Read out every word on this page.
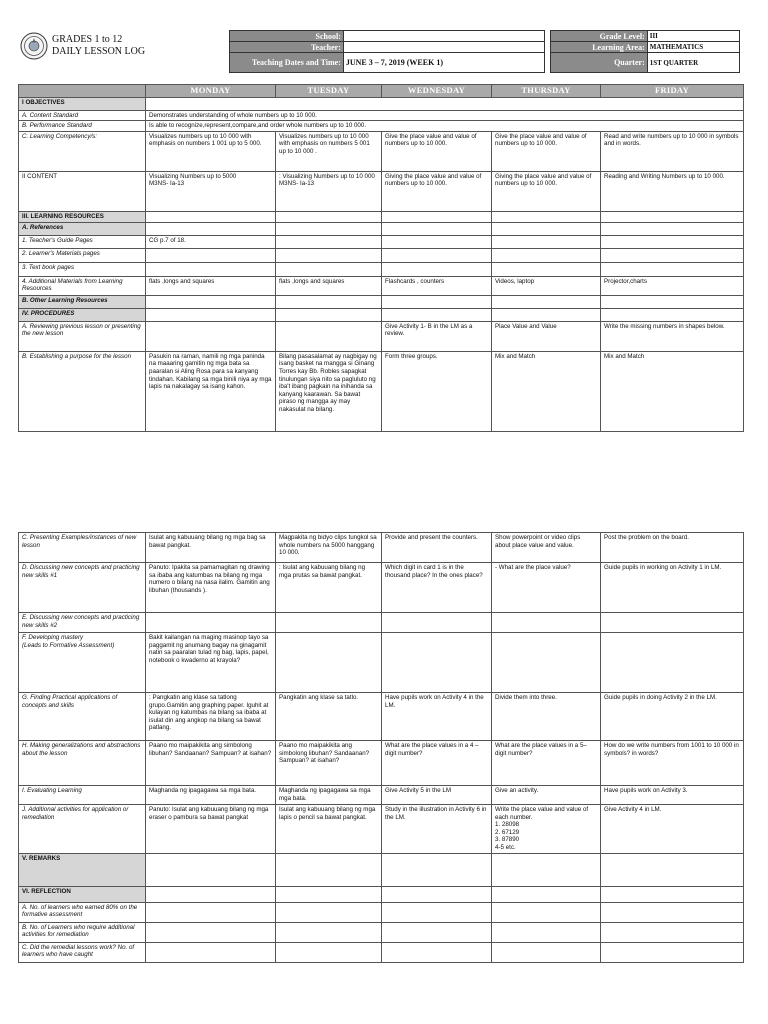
GRADES 1 to 12
DAILY LESSON LOG
School:			Grade Level:	III
Teacher:			Learning Area:	MATHEMATICS
Teaching Dates and Time:	JUNE 3 – 7, 2019 (WEEK 1)		Quarter:	1ST QUARTER
	MONDAY	TUESDAY	WEDNESDAY	THURSDAY	FRIDAY
I OBJECTIVES					
A. Content Standard	Demonstrates understanding of whole numbers up to 10 000.				
B. Performance Standard	Is able to recognize,represent,compare,and order whole numbers up to 10 000.				
C. Learning Competency/s:	Visualizes numbers up to 10 000 with emphasis on numbers 1 001 up to 5 000.	Visualizes numbers up to 10 000 with emphasis on numbers 5 001 up to 10 000 .	Give the place value and value of numbers up to 10 000.	Give the place value and value of numbers up to 10 000.	Read and write numbers up to 10 000 in symbols and in words.
II CONTENT	Visualizing Numbers up to 5000
M3NS- Ia-13	: Visualizing Numbers up to 10 000
M3NS- Ia-13	Giving the place value and value of numbers up to 10 000.	Giving the place value and value of numbers up to 10 000.	Reading and Writing Numbers up to 10 000.
III. LEARNING RESOURCES					
A. References					
1. Teacher's Guide Pages	CG p.7 of 18.				
2. Learner's Materials pages					
3. Text book pages					
4. Additional Materials from Learning Resources	flats ,longs and squares	flats ,longs and squares	Flashcards , counters	Videos, laptop	Projector,charts
B. Other Learning Resources					
IV. PROCEDURES					
A. Reviewing previous lesson or presenting the new lesson			Give Activity 1- B in the LM as a review.	Place Value and Value	Write the missing numbers in shapes below.
B. Establishing a purpose for the lesson	Pasukin na raman, namili ng mga paninda na maaaring gamitin ng mga bata sa paaralan si Aling Rosa para sa kanyang tindahan. Kabilang sa mga binili niya ay mga lapis na nakalagay sa isang kahon.	Bilang pasasalamat ay nagbigay ng isang basket na mangga si Ginang Torres kay Bb. Robles sapagkat tinulungan siya nito sa pagluluto ng iba't ibang pagkain na inihanda sa kanyang kaarawan. Sa bawat piraso ng mangga ay may nakasulat na bilang.	Form three groups.	Mix and Match	Mix and Match
C. Presenting Examples/instances of new lesson	Isulat ang kabuuang bilang ng mga bag sa bawat pangkat.	Magpakita ng bidyo clips tungkol sa whole numbers na 5000 hanggang 10 000.	Provide and present the counters.	Show powerpoint or video clips about place value and value.	Post the problem on the board.
D. Discussing new concepts and practicing new skills #1	Panuto: Ipakita sa pamamagitan ng drawing sa ibaba ang katumbas na bilang ng mga numero o bilang na nasa ilalim. Gamitin ang libuhan (thousands ).	: Isulat ang kabuuang bilang ng mga prutas sa bawat pangkat.	Which digit in card 1 is in the thousand place? In the ones place?	- What are the place value?	Guide pupils in working on Activity 1 in LM.
E. Discussing new concepts and practicing new skills #2					
F. Developing mastery
(Leads to Formative Assessment)	Bakit kailangan na maging masinop tayo sa paggamit ng anumang bagay na ginagamit natin sa paaralan tulad ng bag, lapis, papel, notebook o kwaderno at krayola?				
G. Finding Practical applications of concepts and skills	: Pangkatin ang klase sa tatlong grupo.Gamitin ang graphing paper. Iguhit at kulayan ng katumbas na bilang sa ibaba at isulat din ang angkop na bilang sa bawat patlang.	Pangkatin ang klase sa tatlo.	Have pupils work on Activity 4 in the LM.	Divide them into three.	Guide pupils in doing Activity 2 in the LM.
H. Making generalizations and abstractions about the lesson	Paano mo maipakikita ang simbolong libuhan? Sandaanan? Sampuan? at isahan?	Paano mo maipakikita ang simbolong libuhan? Sandaanan? Sampuan? at isahan?	What are the place values in a 4 –digit number?	What are the place values in a 5–digit number?	How do we write numbers from 1001 to 10 000 in symbols? in words?
I. Evaluating Learning	Maghanda ng ipagagawa sa mga bata.	Maghanda ng ipagagawa sa mga mga bata.	Give Activity 5 in the LM	Give an activity.	Have pupils work on Activity 3.
J. Additional activities for application or remediation	Panuto: Isulat ang kabuuang bilang ng mga eraser o pambura sa bawat pangkat	Isulat ang kabuuang bilang ng mga lapis o pencil sa bawat pangkat.	Study in the illustration in Activity 6 in the LM.	Write the place value and value of each number.
1. 28098
2. 67129
3. 87890
4-5 etc.	Give Activity 4 in LM.
V. REMARKS					
VI. REFLECTION					
A. No. of learners who earned 80% on the formative assessment					
B. No. of Learners who require additional activities for remediation					
C. Did the remedial lessons work? No. of learners who have caught					
